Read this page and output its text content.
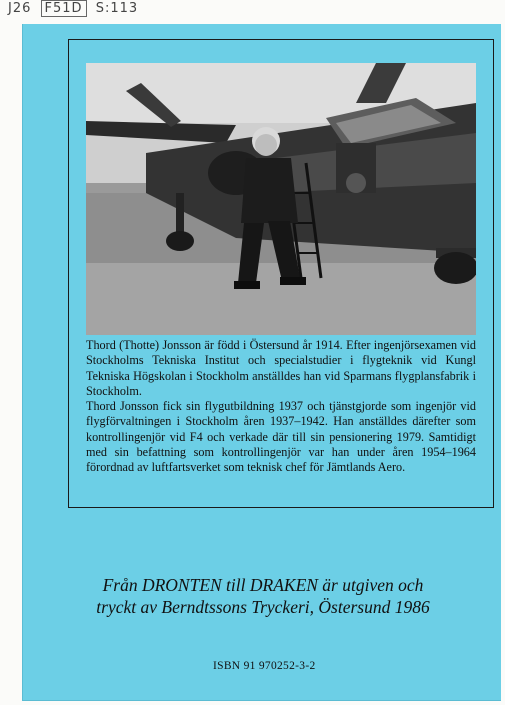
J26 F51D S:113

Thord (Thotte) Jonsson är född i Östersund år 1914. Efter ingenjörsexamen vid Stockholms Tekniska Institut och specialstudier i flygteknik vid Kungl Tekniska Högskolan i Stockholm anställdes han vid Sparmans flygplansfabrik i Stockholm.

Thord Jonsson fick sin flygutbildning 1937 och tjänstgjorde som ingenjör vid flygförvaltningen i Stockholm åren 1937–1942. Han anställdes därefter som kontrollingenjör vid F4 och verkade där till sin pensionering 1979. Samtidigt med sin befattning som kontrollingenjör var han under åren 1954–1964 förordnad av luftfartsverket som teknisk chef för Jämtlands Aero.

Från DRONTEN till DRAKEN är utgiven och
tryckt av Berndtssons Tryckeri, Östersund 1986
ISBN 91 970252-3-2
